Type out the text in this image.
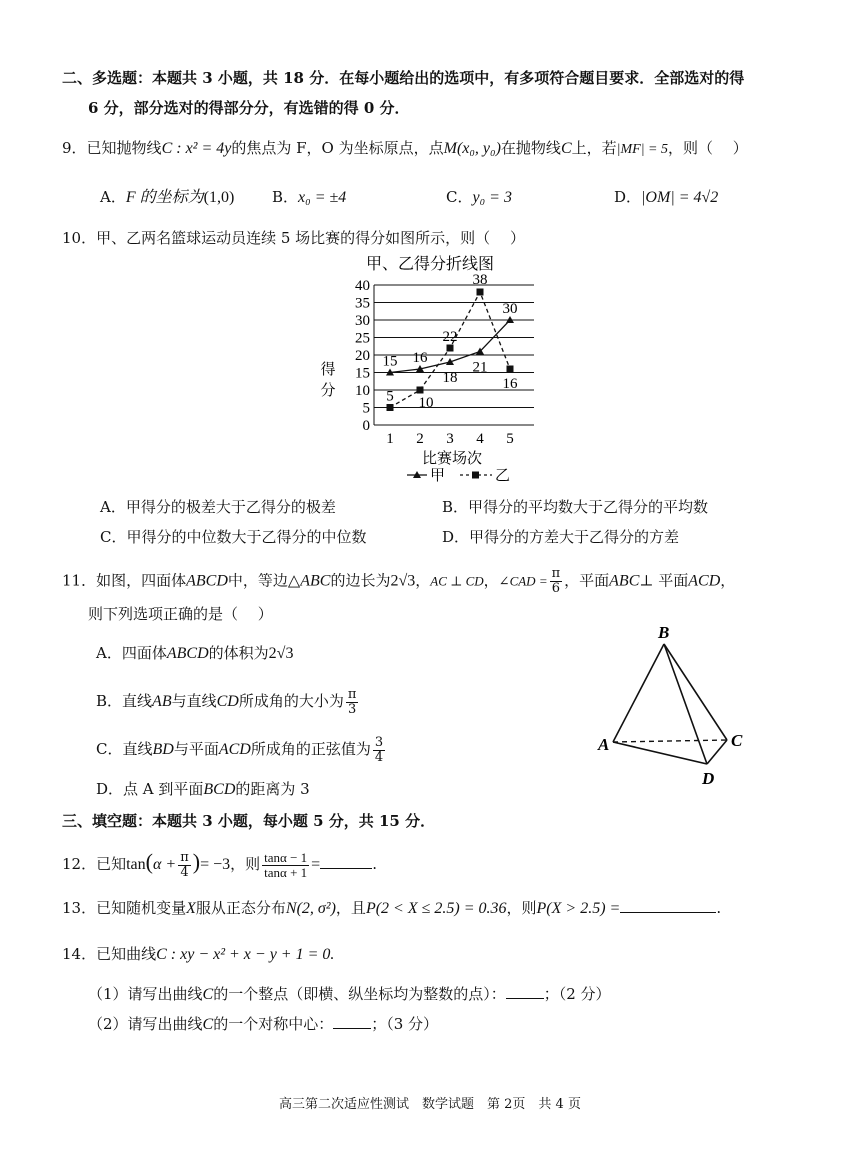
二、多选题：本题共 3 小题，共 18 分．在每小题给出的选项中，有多项符合题目要求．全部选对的得
6 分，部分选对的得部分分，有选错的得 0 分．
9．已知抛物线C : x² = 4y的焦点为 F，O 为坐标原点，点M(x₀, y₀)在抛物线C上，若|MF| = 5，则（　 ）
A．F 的坐标为(1,0)	B．x₀ = ±4	C．y₀ = 3	D．|OM| = 4√2
10．甲、乙两名篮球运动员连续 5 场比赛的得分如图所示，则（　 ）
甲、乙得分折线图
0
5
10
15
20
25
30
35
40
1 2 3 4 5
得
分
15 16
18
21
30
5 10
22
38
16
比赛场次
甲	乙
A．甲得分的极差大于乙得分的极差	B．甲得分的平均数大于乙得分的平均数
C．甲得分的中位数大于乙得分的中位数	D．甲得分的方差大于乙得分的方差
11．如图，四面体ABCD中，等边△ABC的边长为2√3，AC ⊥ CD，∠CAD = $\frac{\pi}{6}$ ，平面ABC⊥ 平面ACD，
则下列选项正确的是（　 ）
A．四面体ABCD的体积为2√3
B．直线AB与直线CD所成角的大小为 $\frac{\pi}{3}$
C．直线BD与平面ACD所成角的正弦值为 $\frac{3}{4}$
D．点 A 到平面BCD的距离为 3
B
A	C
D
三、填空题：本题共 3 小题，每小题 5 分，共 15 分．
12．已知$\tan(\alpha + \frac{\pi}{4}$ )= −3，则 $\frac{\tan\alpha - 1}{\tan\alpha + 1}$ =	.
13．已知随机变量X服从正态分布N(2, σ²)，且P(2 < X ≤ 2.5) = 0.36，则P(X > 2.5) =	.
14．已知曲线C : xy − x² + x − y + 1 = 0.
（1）请写出曲线C的一个整点（即横、纵坐标均为整数的点）：	；（2 分）
（2）请写出曲线C的一个对称中心：	；（3 分）
高三第二次适应性测试　数学试题　第 2页　共 4 页
